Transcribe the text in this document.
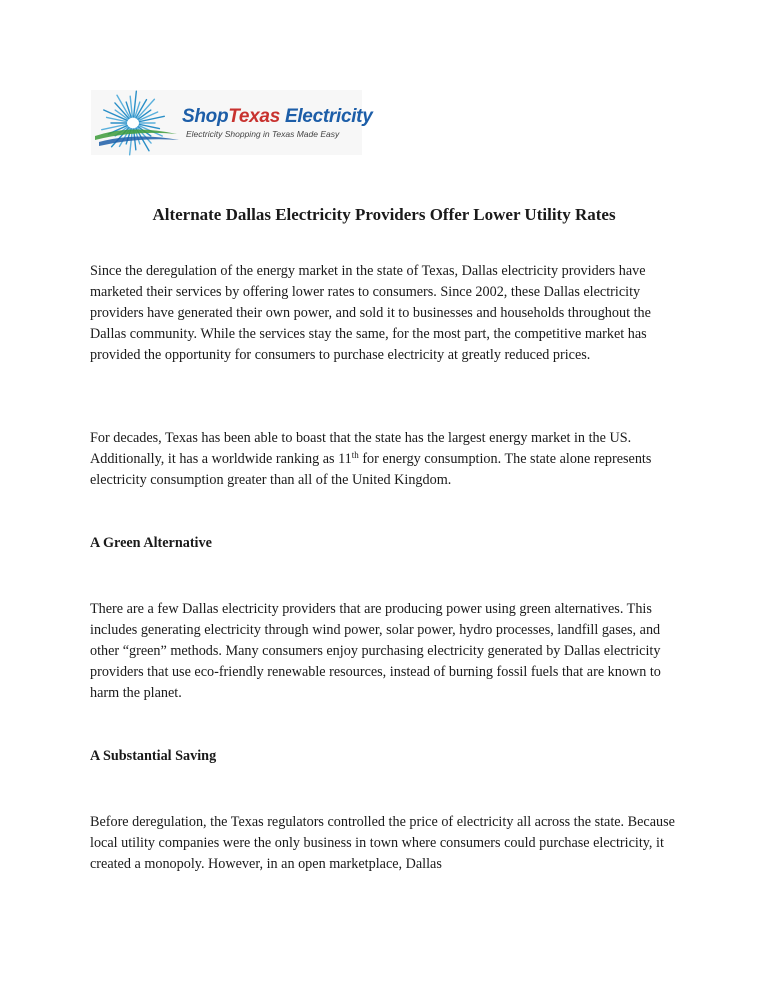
ShopTexas Electricity
Electricity Shopping in Texas Made Easy
Alternate Dallas Electricity Providers Offer Lower Utility Rates

Since the deregulation of the energy market in the state of Texas, Dallas electricity providers have marketed their services by offering lower rates to consumers. Since 2002, these Dallas electricity providers have generated their own power, and sold it to businesses and households throughout the Dallas community. While the services stay the same, for the most part, the competitive market has provided the opportunity for consumers to purchase electricity at greatly reduced prices.

For decades, Texas has been able to boast that the state has the largest energy market in the US. Additionally, it has a worldwide ranking as 11th for energy consumption. The state alone represents electricity consumption greater than all of the United Kingdom.

A Green Alternative

There are a few Dallas electricity providers that are producing power using green alternatives. This includes generating electricity through wind power, solar power, hydro processes, landfill gases, and other “green” methods. Many consumers enjoy purchasing electricity generated by Dallas electricity providers that use eco-friendly renewable resources, instead of burning fossil fuels that are known to harm the planet.

A Substantial Saving

Before deregulation, the Texas regulators controlled the price of electricity all across the state. Because local utility companies were the only business in town where consumers could purchase electricity, it created a monopoly. However, in an open marketplace, Dallas
